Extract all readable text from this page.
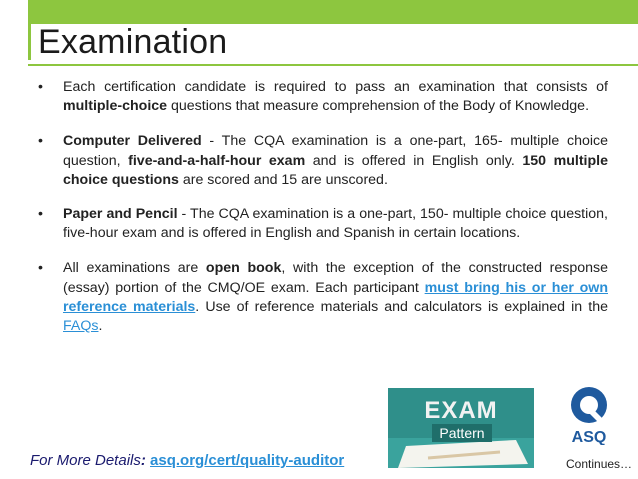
Examination
• Each certification candidate is required to pass an examination that consists of multiple-choice questions that measure comprehension of the Body of Knowledge.
• Computer Delivered - The CQA examination is a one-part, 165- multiple choice question, five-and-a-half-hour exam and is offered in English only. 150 multiple choice questions are scored and 15 are unscored.
• Paper and Pencil - The CQA examination is a one-part, 150- multiple choice question, five-hour exam and is offered in English and Spanish in certain locations.
• All examinations are open book, with the exception of the constructed response (essay) portion of the CMQ/OE exam. Each participant must bring his or her own reference materials. Use of reference materials and calculators is explained in the FAQs.
EXAM
Pattern	ASQ
For More Details: asq.org/cert/quality-auditor	Continues…
